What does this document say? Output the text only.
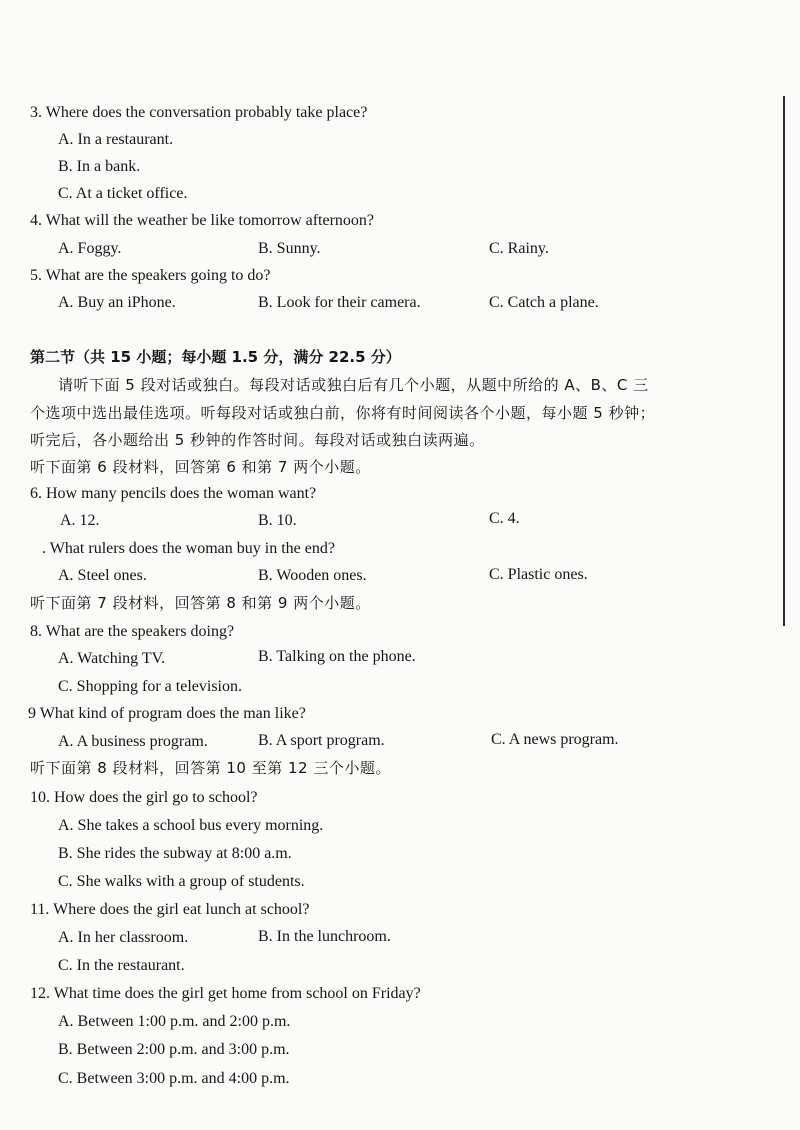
3. Where does the conversation probably take place?
A. In a restaurant.
B. In a bank.
C. At a ticket office.
4. What will the weather be like tomorrow afternoon?
A. Foggy.	B. Sunny.	C. Rainy.
5. What are the speakers going to do?
A. Buy an iPhone.	B. Look for their camera.	C. Catch a plane.
第二节（共 15 小题；每小题 1.5 分，满分 22.5 分）
请听下面 5 段对话或独白。每段对话或独白后有几个小题，从题中所给的 A、B、C 三
个选项中选出最佳选项。听每段对话或独白前，你将有时间阅读各个小题，每小题 5 秒钟；
听完后，各小题给出 5 秒钟的作答时间。每段对话或独白读两遍。
听下面第 6 段材料，回答第 6 和第 7 两个小题。
6. How many pencils does the woman want?
A. 12.	B. 10.	C. 4.
. What rulers does the woman buy in the end?
A. Steel ones.	B. Wooden ones.	C. Plastic ones.
听下面第 7 段材料，回答第 8 和第 9 两个小题。
8. What are the speakers doing?
A. Watching TV.	B. Talking on the phone.
C. Shopping for a television.
9 What kind of program does the man like?
A. A business program.	B. A sport program.	C. A news program.
听下面第 8 段材料，回答第 10 至第 12 三个小题。
10. How does the girl go to school?
A. She takes a school bus every morning.
B. She rides the subway at 8:00 a.m.
C. She walks with a group of students.
11. Where does the girl eat lunch at school?
A. In her classroom.	B. In the lunchroom.
C. In the restaurant.
12. What time does the girl get home from school on Friday?
A. Between 1:00 p.m. and 2:00 p.m.
B. Between 2:00 p.m. and 3:00 p.m.
C. Between 3:00 p.m. and 4:00 p.m.
